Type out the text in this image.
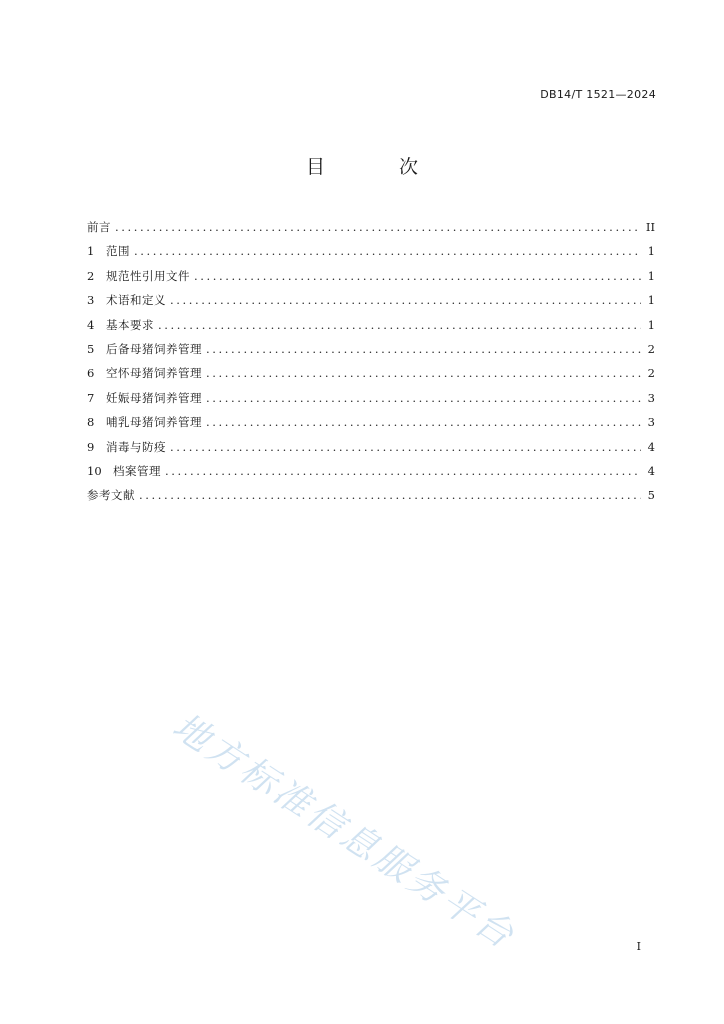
DB14/T 1521—2024
目 次
前言 .....	II
1	范围 .....	1
2	规范性引用文件 .....	1
3	术语和定义 .....	1
4	基本要求 .....	1
5	后备母猪饲养管理 .....	2
6	空怀母猪饲养管理 .....	2
7	妊娠母猪饲养管理 .....	3
8	哺乳母猪饲养管理 .....	3
9	消毒与防疫 .....	4
10 档案管理 .....	4
参考文献 .....	5
地方标准信息服务平台	I
